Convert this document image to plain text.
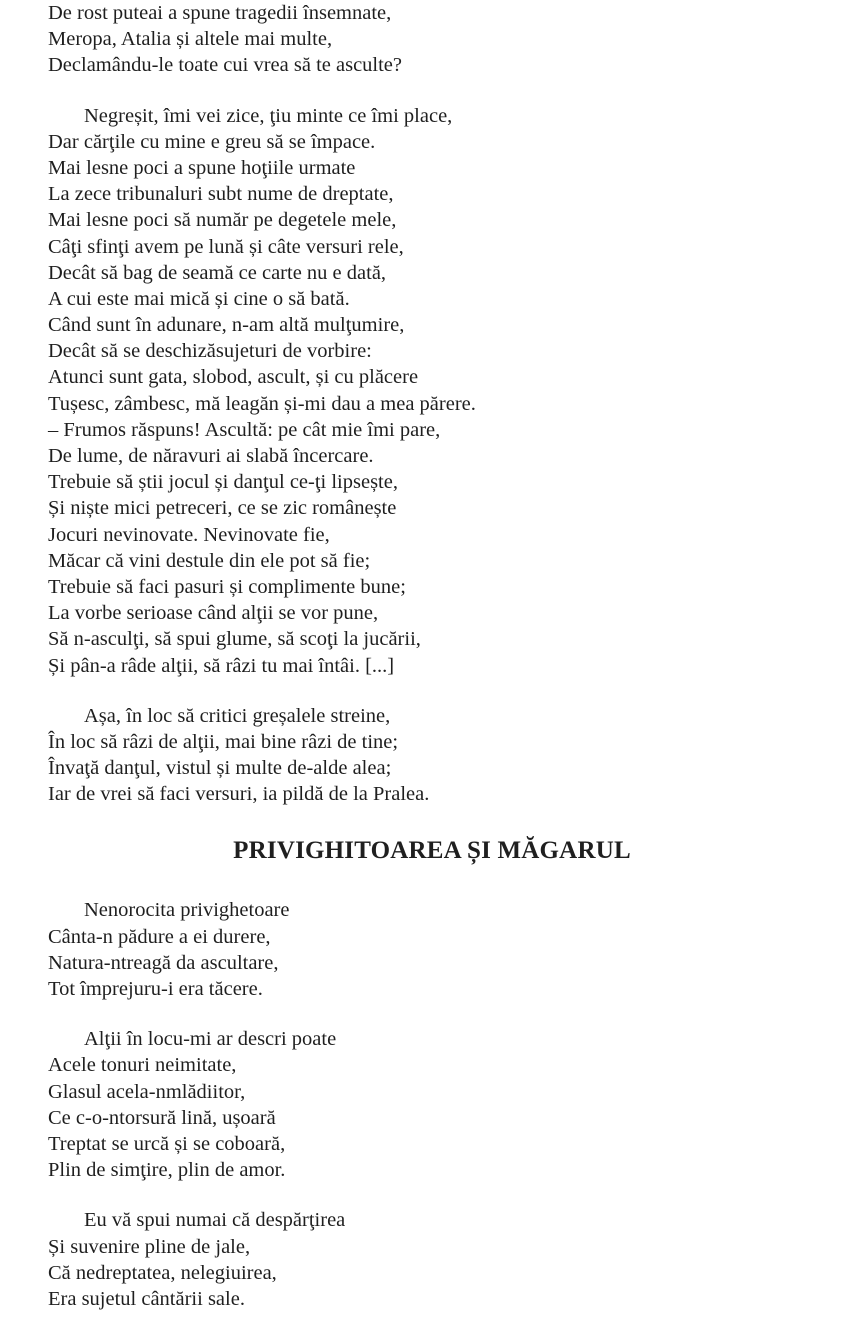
De rost puteai a spune tragedii însemnate,
Meropa, Atalia și altele mai multe,
Declamându-le toate cui vrea să te asculte?
Negreșit, îmi vei zice, ţiu minte ce îmi place,
Dar cărţile cu mine e greu să se împace.
Mai lesne poci a spune hoţiile urmate
La zece tribunaluri subt nume de dreptate,
Mai lesne poci să număr pe degetele mele,
Câţi sfinţi avem pe lună și câte versuri rele,
Decât să bag de seamă ce carte nu e dată,
A cui este mai mică și cine o să bată.
Când sunt în adunare, n-am altă mulţumire,
Decât să se deschizăsujeturi de vorbire:
Atunci sunt gata, slobod, ascult, și cu plăcere
Tușesc, zâmbesc, mă leagăn și-mi dau a mea părere.
– Frumos răspuns! Ascultă: pe cât mie îmi pare,
De lume, de năravuri ai slabă încercare.
Trebuie să știi jocul și danţul ce-ţi lipsește,
Și niște mici petreceri, ce se zic românește
Jocuri nevinovate. Nevinovate fie,
Măcar că vini destule din ele pot să fie;
Trebuie să faci pasuri și complimente bune;
La vorbe serioase când alţii se vor pune,
Să n-asculţi, să spui glume, să scoţi la jucării,
Și pân-a râde alţii, să râzi tu mai întâi. [...]
Așa, în loc să critici greșalele streine,
În loc să râzi de alţii, mai bine râzi de tine;
Învaţă danţul, vistul și multe de-alde alea;
Iar de vrei să faci versuri, ia pildă de la Pralea.
PRIVIGHITOAREA ȘI MĂGARUL
Nenorocita privighetoare
Cânta-n pădure a ei durere,
Natura-ntreagă da ascultare,
Tot împrejuru-i era tăcere.
Alţii în locu-mi ar descri poate
Acele tonuri neimitate,
Glasul acela-nmlădiitor,
Ce c-o-ntorsură lină, ușoară
Treptat se urcă și se coboară,
Plin de simţire, plin de amor.
Eu vă spui numai că despărţirea
Și suvenire pline de jale,
Că nedreptatea, nelegiuirea,
Era sujetul cântării sale.
